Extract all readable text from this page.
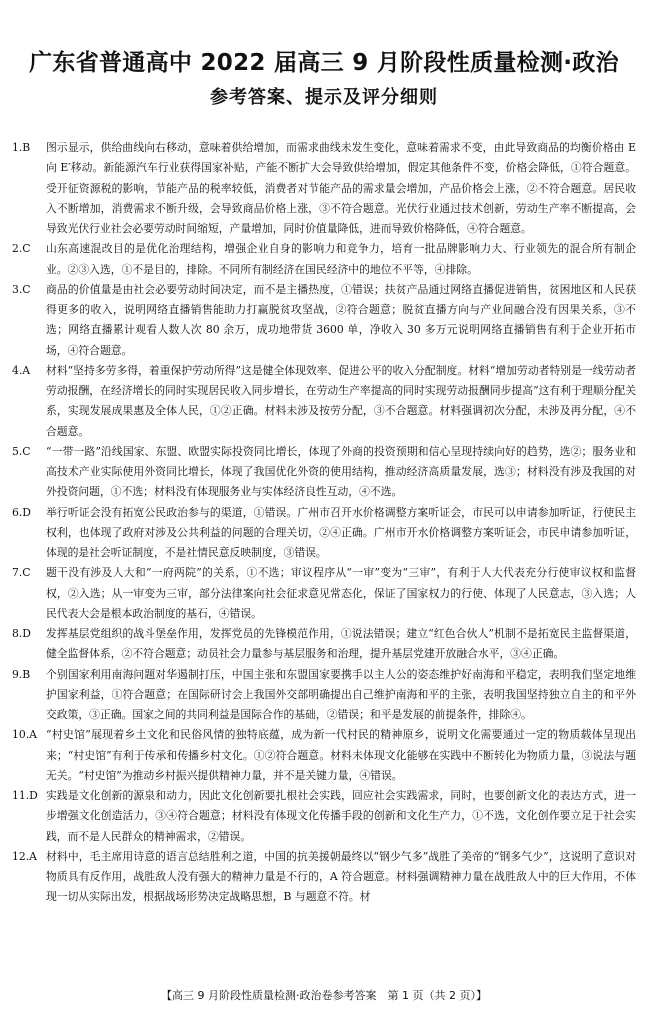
广东省普通高中 2022 届高三 9 月阶段性质量检测·政治
参考答案、提示及评分细则
1.B	图示显示，供给曲线向右移动，意味着供给增加，而需求曲线未发生变化，意味着需求不变，由此导致商品的均衡价格由 E 向 E′移动。新能源汽车行业获得国家补贴，产能不断扩大会导致供给增加，假定其他条件不变，价格会降低，①符合题意。受开征资源税的影响，节能产品的税率较低，消费者对节能产品的需求量会增加，产品价格会上涨，②不符合题意。居民收入不断增加，消费需求不断升级，会导致商品价格上涨，③不符合题意。光伏行业通过技术创新，劳动生产率不断提高，会导致光伏行业社会必要劳动时间缩短，产量增加，同时价值量降低，进而导致价格降低，④符合题意。
2.C	山东高速混改目的是优化治理结构，增强企业自身的影响力和竞争力，培育一批品牌影响力大、行业领先的混合所有制企业。②③入选，①不是目的，排除。不同所有制经济在国民经济中的地位不平等，④排除。
3.C	商品的价值量是由社会必要劳动时间决定，而不是主播热度，①错误；扶贫产品通过网络直播促进销售，贫困地区和人民获得更多的收入，说明网络直播销售能助力打赢脱贫攻坚战，②符合题意；脱贫直播方向与产业间融合没有因果关系，③不选；网络直播累计观看人数人次 80 余万，成功地带货 3600 单，净收入 30 多万元说明网络直播销售有利于企业开拓市场，④符合题意。
4.A	材料“坚持多劳多得，着重保护劳动所得”这是健全体现效率、促进公平的收入分配制度。材料“增加劳动者特别是一线劳动者劳动报酬，在经济增长的同时实现居民收入同步增长，在劳动生产率提高的同时实现劳动报酬同步提高”这有利于理顺分配关系，实现发展成果惠及全体人民，①②正确。材料未涉及按劳分配，③不合题意。材料强调初次分配，未涉及再分配，④不合题意。
5.C	“一带一路”沿线国家、东盟、欧盟实际投资同比增长，体现了外商的投资预期和信心呈现持续向好的趋势，选②；服务业和高技术产业实际使用外资同比增长，体现了我国优化外资的使用结构，推动经济高质量发展，选③；材料没有涉及我国的对外投资问题，①不选；材料没有体现服务业与实体经济良性互动，④不选。
6.D	举行听证会没有拓宽公民政治参与的渠道，①错误。广州市召开水价格调整方案听证会，市民可以申请参加听证，行使民主权利，也体现了政府对涉及公共利益的问题的合理关切，②④正确。广州市开水价格调整方案听证会，市民申请参加听证，体现的是社会听证制度，不是社情民意反映制度，③错误。
7.C	题干没有涉及人大和“一府两院”的关系，①不选；审议程序从“一审”变为“三审”，有利于人大代表充分行使审议权和监督权，②入选；从一审变为三审，部分法律案向社会征求意见常态化，保证了国家权力的行使、体现了人民意志，③入选；人民代表大会是根本政治制度的基石，④错误。
8.D	发挥基层党组织的战斗堡垒作用，发挥党员的先锋模范作用，①说法错误；建立“红色合伙人”机制不是拓宽民主监督渠道，健全监督体系，②不符合题意；动员社会力量参与基层服务和治理，提升基层党建开放融合水平，③④正确。
9.B	个别国家利用南海问题对华遏制打压，中国主张和东盟国家要携手以主人公的姿态维护好南海和平稳定，表明我们坚定地维护国家利益，①符合题意；在国际研讨会上我国外交部明确提出自己维护南海和平的主张，表明我国坚持独立自主的和平外交政策，③正确。国家之间的共同利益是国际合作的基础，②错误；和平是发展的前提条件，排除④。
10.A “村史馆”展现着乡土文化和民俗风情的独特底蕴，成为新一代村民的精神原乡，说明文化需要通过一定的物质载体呈现出来；“村史馆”有利于传承和传播乡村文化。①②符合题意。材料未体现文化能够在实践中不断转化为物质力量，③说法与题无关。“村史馆”为推动乡村振兴提供精神力量，并不是关键力量，④错误。
11.D 实践是文化创新的源泉和动力，因此文化创新要扎根社会实践，回应社会实践需求，同时，也要创新文化的表达方式，进一步增强文化创造活力，③④符合题意；材料没有体现文化传播手段的创新和文化生产力，①不选，文化创作要立足于社会实践，而不是人民群众的精神需求，②错误。
12.A 材料中，毛主席用诗意的语言总结胜利之道，中国的抗美援朝最终以“钢少气多”战胜了美帝的“钢多气少”，这说明了意识对物质具有反作用，战胜敌人没有强大的精神力量是不行的，A 符合题意。材料强调精神力量在战胜敌人中的巨大作用，不体现一切从实际出发，根据战场形势决定战略思想，B 与题意不符。材
【高三 9 月阶段性质量检测·政治卷参考答案　第 1 页（共 2 页）】
